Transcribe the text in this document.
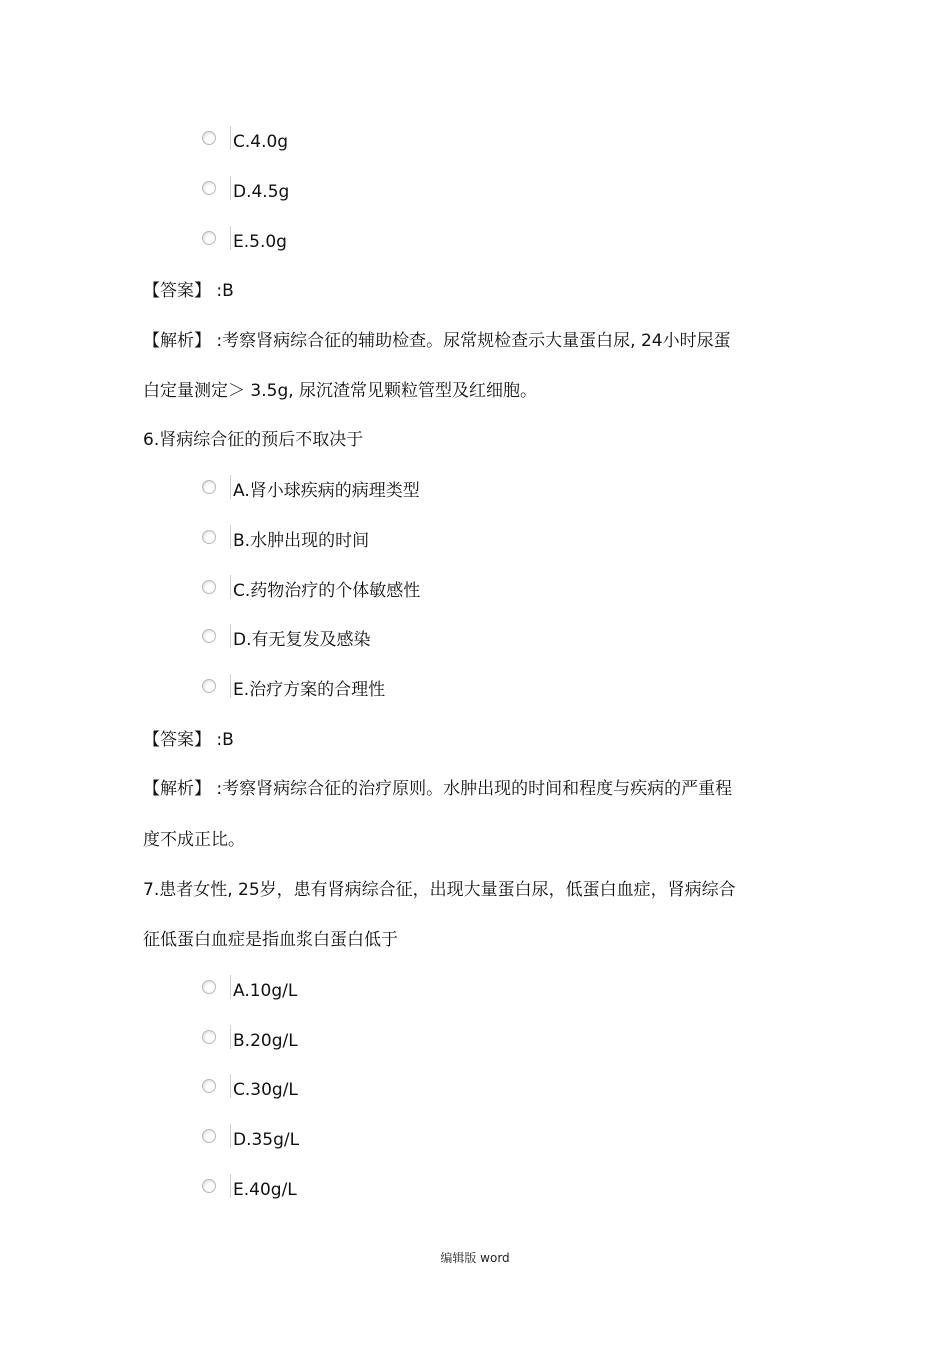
C.4.0g
D.4.5g
E.5.0g
【答案】 :B
【解析】 :考察肾病综合征的辅助检查。尿常规检查示大量蛋白尿, 24小时尿蛋
白定量测定＞ 3.5g, 尿沉渣常见颗粒管型及红细胞。
6.肾病综合征的预后不取决于
A.肾小球疾病的病理类型
B.水肿出现的时间
C.药物治疗的个体敏感性
D.有无复发及感染
E.治疗方案的合理性
【答案】 :B
【解析】 :考察肾病综合征的治疗原则。水肿出现的时间和程度与疾病的严重程
度不成正比。
7.患者女性, 25岁，患有肾病综合征，出现大量蛋白尿，低蛋白血症，肾病综合
征低蛋白血症是指血浆白蛋白低于
A.10g/L
B.20g/L
C.30g/L
D.35g/L
E.40g/L
编辑版 word
